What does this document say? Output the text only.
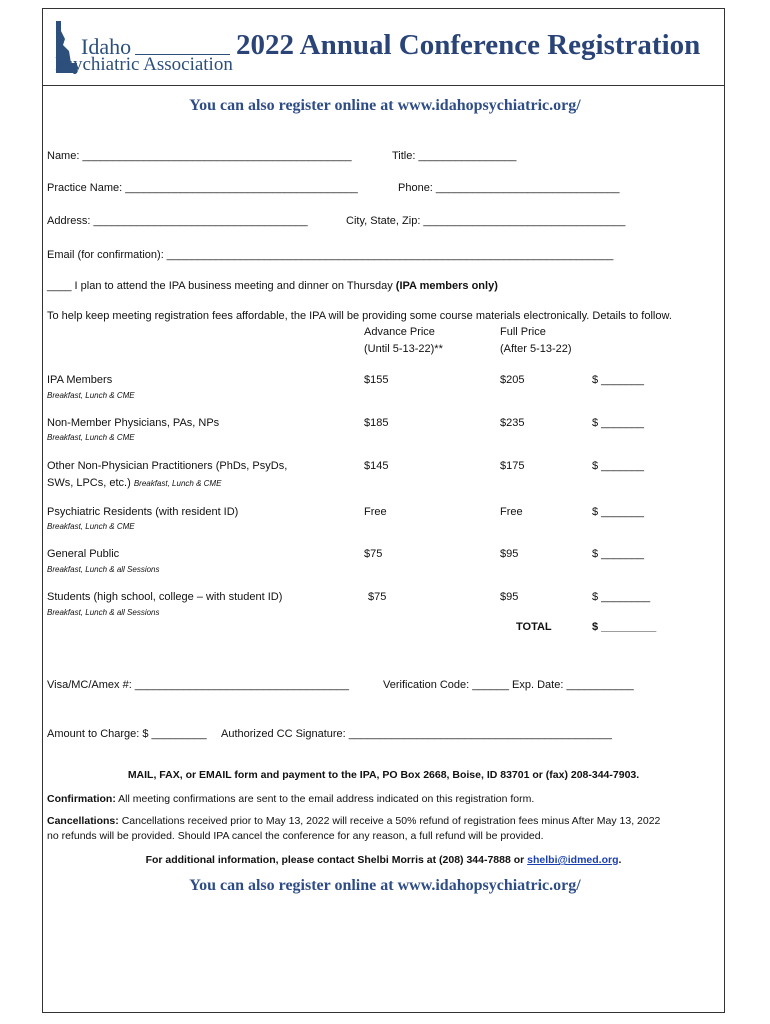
Idaho
Psychiatric Association
2022 Annual Conference Registration
You can also register online at www.idahopsychiatric.org/
Name: ____________________________________________	Title: ________________
Practice Name: ______________________________________	Phone: ______________________________
Address: ___________________________________	City, State, Zip: _________________________________
Email (for confirmation): _________________________________________________________________________
____ I plan to attend the IPA business meeting and dinner on Thursday (IPA members only)
To help keep meeting registration fees affordable, the IPA will be providing some course materials electronically. Details to follow.
Advance Price	Full Price
(Until 5-13-22)**	(After 5-13-22)
IPA Members
Breakfast, Lunch & CME
$155	$205	$ _______
Non-Member Physicians, PAs, NPs
Breakfast, Lunch & CME
$185	$235	$ _______
Other Non-Physician Practitioners (PhDs, PsyDs,
SWs, LPCs, etc.) Breakfast, Lunch & CME
$145	$175	$ _______
Psychiatric Residents (with resident ID)
Breakfast, Lunch & CME
Free	Free	$ _______
General Public
Breakfast, Lunch & all Sessions
$75	$95	$ _______
Students (high school, college – with student ID)
Breakfast, Lunch & all Sessions
$75	$95	$ ________
TOTAL	$ _________
Visa/MC/Amex #: ___________________________________	Verification Code: ______ Exp. Date: ___________
Amount to Charge: $ _________ Authorized CC Signature: ___________________________________________
MAIL, FAX, or EMAIL form and payment to the IPA, PO Box 2668, Boise, ID 83701 or (fax) 208-344-7903.
Confirmation: All meeting confirmations are sent to the email address indicated on this registration form.
Cancellations: Cancellations received prior to May 13, 2022 will receive a 50% refund of registration fees minus After May 13, 2022
no refunds will be provided. Should IPA cancel the conference for any reason, a full refund will be provided.
For additional information, please contact Shelbi Morris at (208) 344-7888 or shelbi@idmed.org.
You can also register online at www.idahopsychiatric.org/
